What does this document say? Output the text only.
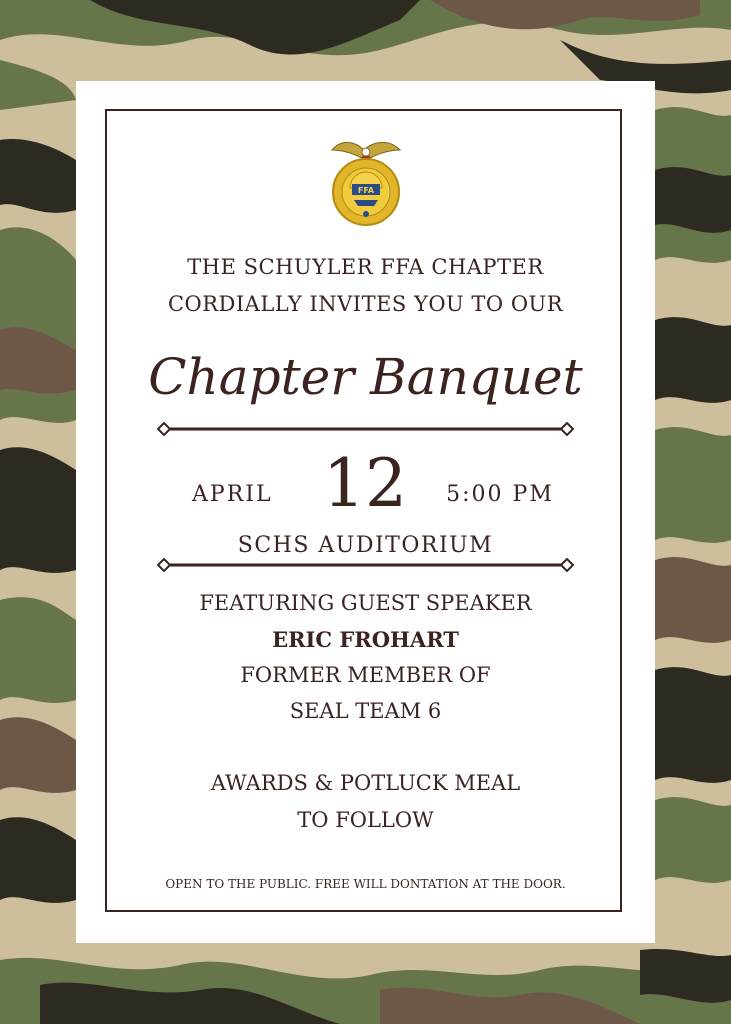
FFA
THE SCHUYLER FFA CHAPTER
CORDIALLY INVITES YOU TO OUR
Chapter Banquet
APRIL 12	5:00 PM
SCHS AUDITORIUM
FEATURING GUEST SPEAKER
ERIC FROHART
FORMER MEMBER OF
SEAL TEAM 6
AWARDS & POTLUCK MEAL
TO FOLLOW
OPEN TO THE PUBLIC. FREE WILL DONTATION AT THE DOOR.
